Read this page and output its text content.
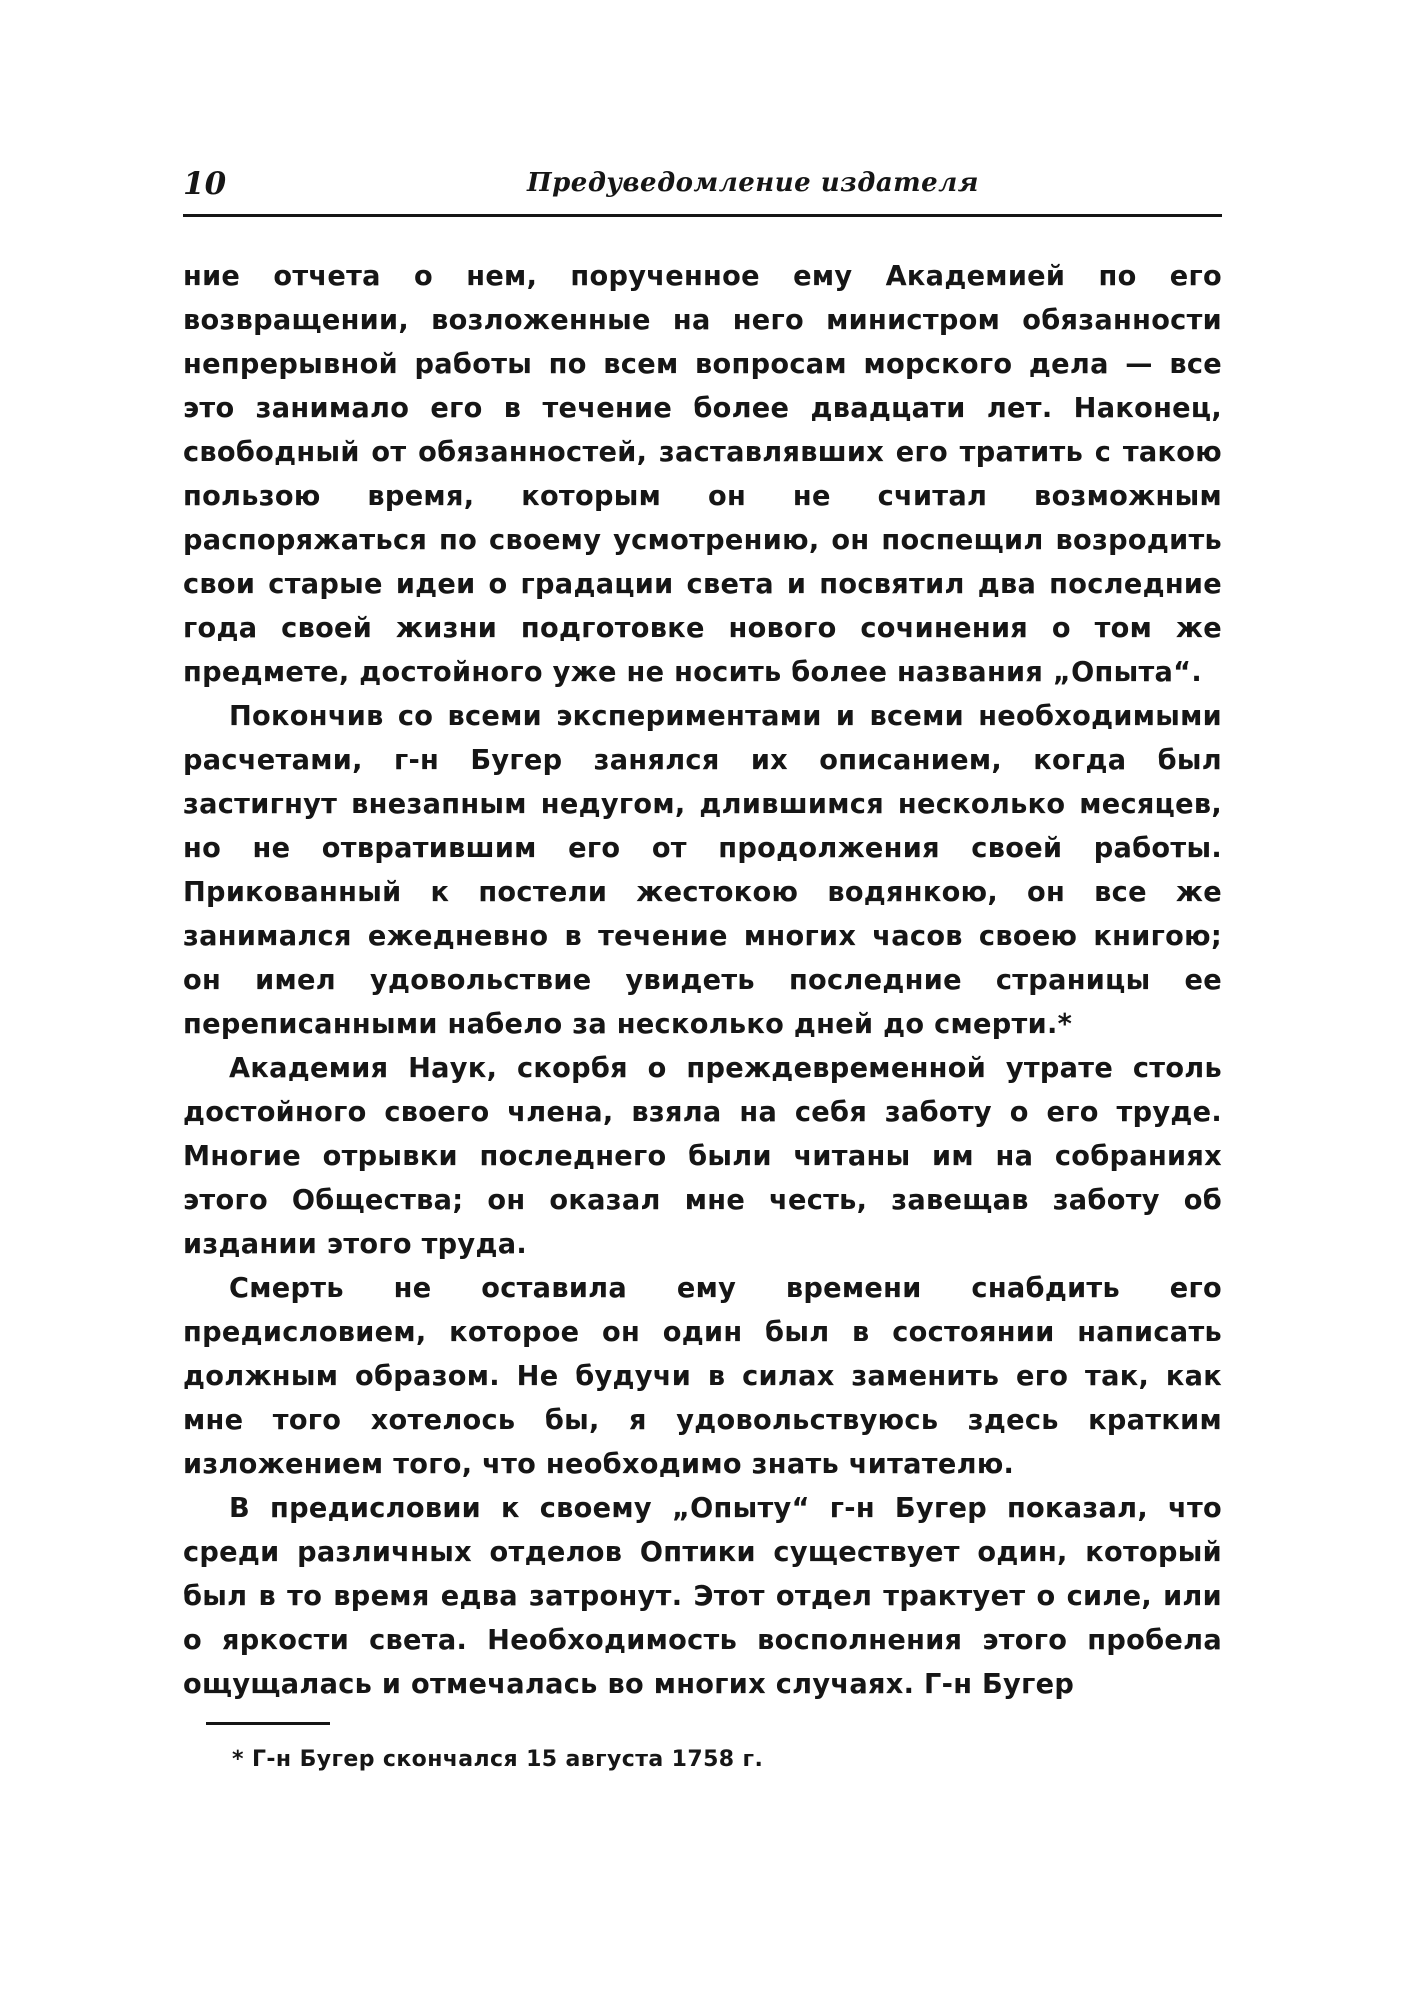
10	Предуведомление издателя

ние отчета о нем, порученное ему Академией по его возвращении, возложенные на него министром обязанности непрерывной работы по всем вопросам морского дела — все это занимало его в течение более двадцати лет. Наконец, свободный от обязанностей, заставлявших его тратить с такою пользою время, которым он не считал возможным распоряжаться по своему усмотрению, он поспещил возродить свои старые идеи о градации света и посвятил два последние года своей жизни подготовке нового сочинения о том же предмете, достойного уже не носить более названия „Опыта“.

Покончив со всеми экспериментами и всеми необходимыми расчетами, г-н Бугер занялся их описанием, когда был застигнут внезапным недугом, длившимся несколько месяцев, но не отвратившим его от продолжения своей работы. Прикованный к постели жестокою водянкою, он все же занимался ежедневно в течение многих часов своею книгою; он имел удовольствие увидеть последние страницы ее переписанными набело за несколько дней до смерти.*

Академия Наук, скорбя о преждевременной утрате столь достойного своего члена, взяла на себя заботу о его труде. Многие отрывки последнего были читаны им на собраниях этого Общества; он оказал мне честь, завещав заботу об издании этого труда.

Смерть не оставила ему времени снабдить его предисловием, которое он один был в состоянии написать должным образом. Не будучи в силах заменить его так, как мне того хотелось бы, я удовольствуюсь здесь кратким изложением того, что необходимо знать читателю.

В предисловии к своему „Опыту“ г-н Бугер показал, что среди различных отделов Оптики существует один, который был в то время едва затронут. Этот отдел трактует о силе, или о яркости света. Необходимость восполнения этого пробела ощущалась и отмечалась во многих случаях. Г-н Бугер

* Г-н Бугер скончался 15 августа 1758 г.
